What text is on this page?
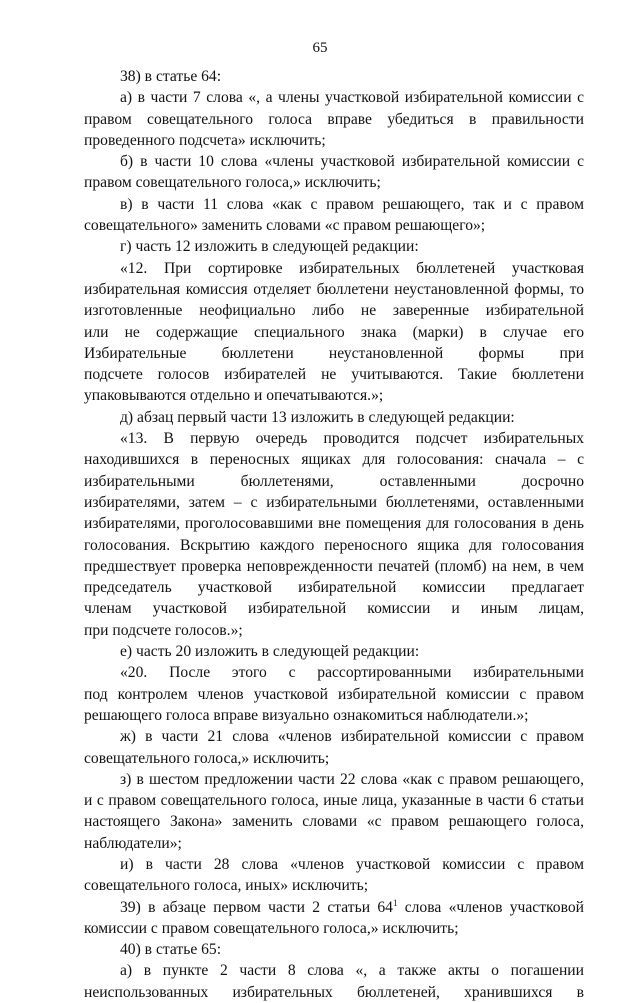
65
38) в статье 64:
а) в части 7 слова «, а члены участковой избирательной комиссии с
правом совещательного голоса вправе убедиться в правильности
проведенного подсчета» исключить;
б) в части 10 слова «члены участковой избирательной комиссии с
правом совещательного голоса,» исключить;
в) в части 11 слова «как с правом решающего, так и с правом
совещательного» заменить словами «с правом решающего»;
г) часть 12 изложить в следующей редакции:
«12. При сортировке избирательных бюллетеней участковая
избирательная комиссия отделяет бюллетени неустановленной формы, то
изготовленные неофициально либо не заверенные избирательной
или не содержащие специального знака (марки) в случае его
Избирательные бюллетени неустановленной формы при
подсчете голосов избирателей не учитываются. Такие бюллетени
упаковываются отдельно и опечатываются.»;
д) абзац первый части 13 изложить в следующей редакции:
«13. В первую очередь проводится подсчет избирательных
находившихся в переносных ящиках для голосования: сначала – с
избирательными бюллетенями, оставленными досрочно
избирателями, затем – с избирательными бюллетенями, оставленными
избирателями, проголосовавшими вне помещения для голосования в день
голосования. Вскрытию каждого переносного ящика для голосования
предшествует проверка неповрежденности печатей (пломб) на нем, в чем
председатель участковой избирательной комиссии предлагает
членам участковой избирательной комиссии и иным лицам,
при подсчете голосов.»;
е) часть 20 изложить в следующей редакции:
«20. После этого с рассортированными избирательными
под контролем членов участковой избирательной комиссии с правом
решающего голоса вправе визуально ознакомиться наблюдатели.»;
ж) в части 21 слова «членов избирательной комиссии с правом
совещательного голоса,» исключить;
з) в шестом предложении части 22 слова «как с правом решающего,
и с правом совещательного голоса, иные лица, указанные в части 6 статьи
настоящего Закона» заменить словами «с правом решающего голоса,
наблюдатели»;
и) в части 28 слова «членов участковой комиссии с правом
совещательного голоса, иных» исключить;
39) в абзаце первом части 2 статьи $64^1$ слова «членов участковой
комиссии с правом совещательного голоса,» исключить;
40) в статье 65:
а) в пункте 2 части 8 слова «, а также акты о погашении
неиспользованных избирательных бюллетеней, хранившихся в
